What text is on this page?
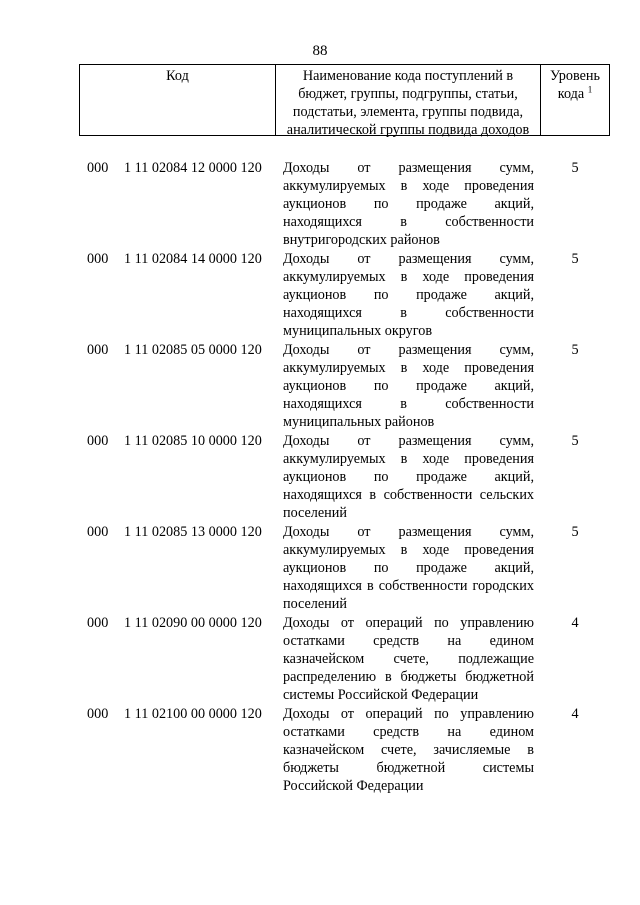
88
Код	Наименование кода поступлений в
бюджет, группы, подгруппы, статьи,
подстатьи, элемента, группы подвида,
аналитической группы подвида доходов
Уровень
кода $^1$
000 1 11 02084 12 0000 120 Доходы от размещения сумм,
аккумулируемых в ходе проведения
аукционов по продаже акций,
находящихся в собственности
внутригородских районов
5
000 1 11 02084 14 0000 120 Доходы от размещения сумм,
аккумулируемых в ходе проведения
аукционов по продаже акций,
находящихся в собственности
муниципальных округов
5
000 1 11 02085 05 0000 120 Доходы от размещения сумм,
аккумулируемых в ходе проведения
аукционов по продаже акций,
находящихся в собственности
муниципальных районов
5
000 1 11 02085 10 0000 120 Доходы от размещения сумм,
аккумулируемых в ходе проведения
аукционов по продаже акций,
находящихся в собственности сельских
поселений
5
000 1 11 02085 13 0000 120 Доходы от размещения сумм,
аккумулируемых в ходе проведения
аукционов по продаже акций,
находящихся в собственности городских
поселений
5
000 1 11 02090 00 0000 120 Доходы от операций по управлению
остатками средств на едином
казначейском счете, подлежащие
распределению в бюджеты бюджетной
системы Российской Федерации
4
000 1 11 02100 00 0000 120 Доходы от операций по управлению
остатками средств на едином
казначейском счете, зачисляемые в
бюджеты бюджетной системы
Российской Федерации
4
